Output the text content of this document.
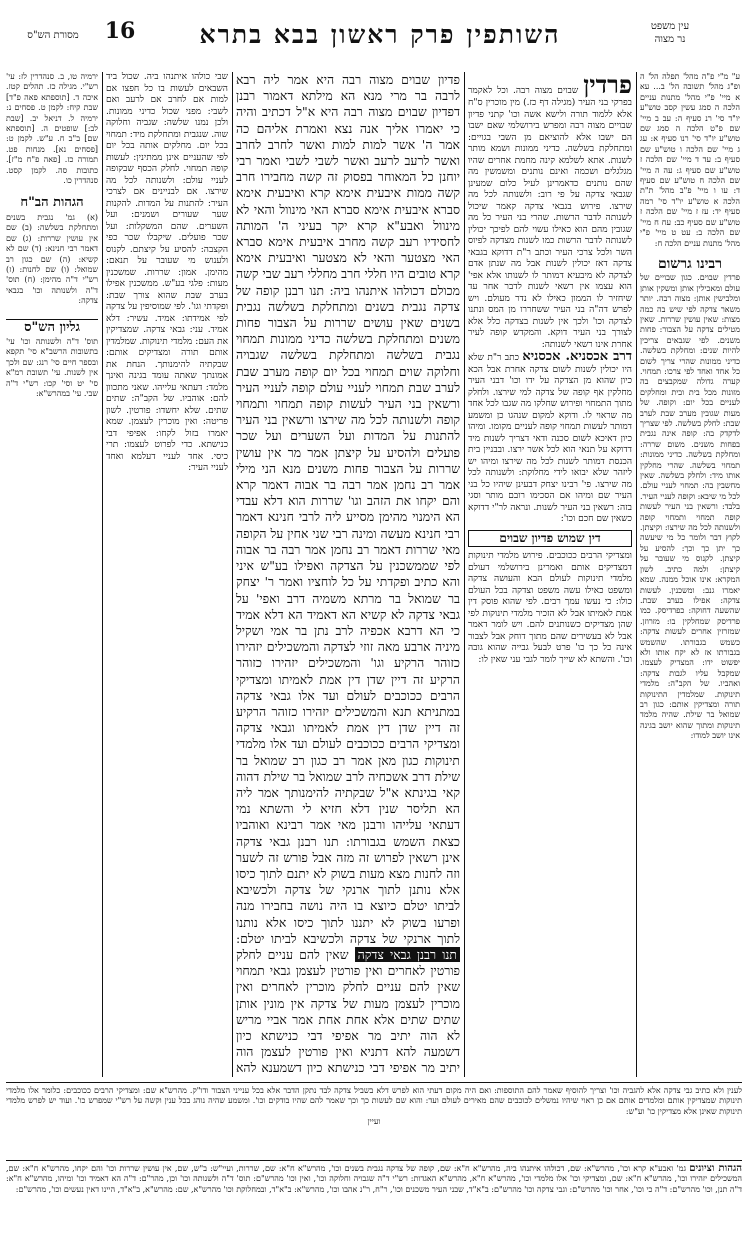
עין משפט
נר מצוה
השותפין פרק ראשון בבא בתרא
16
מסורת הש"ס

ע" מ"י פ"ה מהל' תפלה הל' ה ופ"ג מהל' תשובה הל' ב... עא א מיי' פ"י מהל' מתנות עניים הלכה ה סמג עשין קסב טוש"ע יו"ד סי' רנ סעיף ה: עב ב מיי' שם פ"ט הלכה ה סמג שם טוש"ע יו"ד סי' רנו סעיף א: עג ג מיי' שם הלכה ו טוש"ע שם סעיף ב: עד ד מיי' שם הלכה ז טוש"ע שם סעיף ג: עה ה מיי' שם הלכה ח טוש"ע שם סעיף ד: עו ו מיי' פ"ב מהל' ת"ת הלכה א טוש"ע יו"ד סי' רמה סעיף יד: עז ז מיי' שם הלכה ז טוש"ע שם סעיף כב: עח ח מיי' שם הלכה ב: עט ט מיי' פ"י מהל' מתנות עניים הלכה ח:

רבינו גרשום

פרדין שבוים. כגון שבויים של עולם ומאכילין אותן ומשקין אותן ומלבישין אותן: מצוה רבה. יותר משאר צדקה לפי שיש בה כמה מצות: שאין עושין שררות. שאין מטילים צדקה על הצבור: פחות משנים. לפי שגבאים צריכין להיות שנים: ומחלקת בשלשה. כדיני ממונות שהרי צריך לשום כל אחד ואחד לפי צרכו: תמחוי. קערה גדולה שמקבצים בה מזונות מכל בית ובית ומחלקים לעניים בכל יום: וקופה. של מעות שגובין מערב שבת לערב שבת: לחלק בשלשה. לפי שצריך לדקדק בה: קופה אינה נגבית בפחות משנים. משום שררה: ומחלקת בשלשה. כדיני ממונות: תמחוי בשלשה. שהרי מחלקין אותו מיד: ולחלק בשלשה. שאין מחשבין בה: תמחוי לעניי עולם. לכל מי שיבא: וקופה לעניי העיר. בלבד: ורשאין בני העיר לעשות קופה תמחוי ותמחוי קופה ולשנותה לכל מה שירצו: וקיצתן. לקוץ דבר ולומר כל מי שיעשה כך יתן כך וכך: להסיע על קיצתן. לקנוס מי שעובר על קיצתן: ולמה כתיב. לשון המקרא: אינו אוכל ממנה. שמא יאמרו גנב: ומשכנין. לעשות צדקה: אפילו בערב שבת. שהשעה דחוקה: כפרדיסק. כמו פרדיסק שמחלקין בו: מזרוזן. שמזרזין אחרים לעשות צדקה: כשמש בגבורתו. שהשמש בגבורתו אז לא יקח אותו ולא יפשוט ידו: המצדיק לעצמו. שמקבל עליו לגבות צדקה: ואהביו. של הקב"ה: מלמדי תינוקות. שמלמדין התינוקות תורה ומצדיקין אותם: כגון רב שמואל בר שילת. שהיה מלמד תינוקות ומתוך שהוא יושב בגינה אינו יושב למודו:

פרדין שבוים מצוה רבה. וכל לאקמר בפרקי בני העיר (מגילה דף כז.) מין מוכרין ס"ח אלא ללמוד תורה ולישא אשה וכו' קתני פדיון שבויים מצוה רבה ומפרש בירושלמי שאם ישבו הם ישבו אלא להוציאם מן השבי בגויים: ומתחלקת בשלשה. כדיני ממונות ושמא מותר לשנות. אתא לשלמא קינה מחמת אחרים שהיו מגלגלים ושכמה ואינם נותנים ומשמשין מה שהם נותנים כדאמרינן לעיל כלום שמעינן שגבאי צדקה על פי רוב: ולשנותה לכל מה שירצו. פירוש בגבאי צדקה קאמר שיכול לשנותה לדבר הרשות. שהרי בני העיר כל מה שגובין מהם הוא כאילו עשוי להם לפיכך יכולין לשנותה לדבר הרשות כמו לשנות מצדקה לפיוס השר ולכל צרכי העיר וכתב ר"ת דדוקא בגבאי צדקה דאז יכולין לשנות אבל מה שנתן אדם לצדקה לא מיבעיא דמותר לו לשנותו אלא אפי' הוא עצמו אין רשאי לשנות לדבר אחר עד שיחזיר לו הממון כאילו לא נדר מעולם. ויש לפרש דה"ה בני העיר ששחררו מן המס ונתנו לצדקה וכו' ולכך אין לשנות בצדקה כלל אלא לצורך בני העיר דוקא. והמקדש קופה לעיר אחרת אינו רשאי לשנותה:

דרב אכסניא. אכסניא כתב ר"ת שלא היו יכולין לשנות לשום צדקה אחרת אבל הכא כיון שהוא מן הצדקה על ידו וכו' דבני העיר מחלקין אף קופה של צדקה למי שירצו. ולחלק מתוך התמחוי ופירוש שחלקו מה שגבו לכל אחד מה שראוי לו. ודוקא למקום שנהגו כן ומשמע דמותר לעשות תמחוי קופה לעניים מקומו. ומיהו כיון דאיכא לשום סכנה ודאי דצריך לשנות מיד דדוקא על תנאי הוא לכל אשר ירצו. ובבניין בית הכנסת דמותר לשנות לכל מה שירצו ומיהו יש ליזהר שלא יבואו לידי מחלוקת: ולשנותה לכל מה שירצו. פי' רבינו יצחק דבעינן שיהיו כל בני העיר שם ומיהו אם הסכימו רובם מותר וסגי בזה: רשאין בני העיר לשנות. ונראה לר"י דדוקא כשאין שם חכם וכו':

דין שמוש פדיון שבוים

ומצדיקי הרבים ככוכבים. פירוש מלמדי תינוקות דמצדיקים אותם ואמרינן בירושלמי דעולם מלמדי תינוקות לעולם הבא והעושה צדקה ומשפט כאילו עשה משפט וצדקה בכל העולם כולו: כי נעשו עמך רבים. לפי שהוא פוסק דין אמת לאמיתו אבל לא הזכיר מלמדי תינוקות לפי שהן מצדיקים כשנותנים להם. ויש לומר דאמר אבל לא בעשירים שהם מתוך דוחק אבל לצבור אינה כל כך כו' פרט לבעל גבייה שהוא גובה וכו'. והשתא לא שייך לומר לגבי עני שאין לו:

פדיון שבוים מצוה רבה היא אמר ליה רבא לרבה בר מרי מנא הא מילתא דאמור רבנן דפדיון שבוים מצוה רבה היא א"ל דכתיב והיה כי יאמרו אליך אנה נצא ואמרת אליהם כה אמר ה' אשר למות למות ואשר לחרב לחרב ואשר לרעב לרעב ואשר לשבי לשבי ואמר רבי יוחנן כל המאוחר בפסוק זה קשה מחבירו חרב קשה ממות איבעית אימא קרא ואיבעית אימא סברא איבעית אימא סברא האי מינוול והאי לא מינוול ואבע"א קרא יקר בעיני ה' המותה לחסידיו רעב קשה מחרב איבעית אימא סברא האי מצטער והאי לא מצטער ואיבעית אימא קרא טובים היו חללי חרב מחללי רעב שבי קשה מכולם דכולהו איתנהו ביה: תנו רבנן קופה של צדקה נגבית בשנים ומתחלקת בשלשה נגבית בשנים שאין עושים שררות על הצבור פחות משנים ומתחלקת בשלשה כדיני ממונות תמחוי נגבית בשלשה ומתחלקת בשלשה שגבויה וחלוקה שוים תמחוי בכל יום קופה מערב שבת לערב שבת תמחוי לעניי עולם קופה לעניי העיר ורשאין בני העיר לעשות קופה תמחוי ותמחוי קופה ולשנותה לכל מה שירצו ורשאין בני העיר להתנות על המדות ועל השערים ועל שכר פועלים ולהסיע על קיצתן אמר מר אין עושין שררות על הצבור פחות משנים מנא הני מילי אמר רב נחמן אמר רבה בר אבוה דאמר קרא והם יקחו את הזהב וגו' שררות הוא דלא עבדי הא הימנוי מהימן מסייע ליה לרבי חנינא דאמר רבי חנינא מעשה ומינה רבי שני אחין על הקופה מאי שררות דאמר רב נחמן אמר רבה בר אבוה לפי שממשכנין על הצדקה ואפילו בע"ש איני והא כתיב ופקדתי על כל לוחציו ואמר ר' יצחק בר שמואל בר מרתא משמיה דרב ואפי' על גבאי צדקה לא קשיא הא דאמיד הא דלא אמיד כי הא דרבא אכפיה לרב נתן בר אמי ושקיל מיניה ארבע מאה זוזי לצדקה והמשכילים יזהירו כזוהר הרקיע וגו' והמשכילים יזהירו כזוהר הרקיע זה דיין שדן דין אמת לאמיתו ומצדיקי הרבים ככוכבים לעולם ועד אלו גבאי צדקה במתניתא תנא והמשכילים יזהירו כזוהר הרקיע זה דיין שדן דין אמת לאמיתו וגבאי צדקה ומצדיקי הרבים ככוכבים לעולם ועד אלו מלמדי תינוקות כגון מאן אמר רב כגון רב שמואל בר שילת דרב אשכחיה לרב שמואל בר שילת דהוה קאי בגינתא א"ל שבקתיה להימנותך אמר ליה הא תליסר שנין דלא חזיא לי והשתא נמי דעתאי עלייהו ורבנן מאי אמר רבינא ואוהביו כצאת השמש בגבורתו: תנו רבנן גבאי צדקה אינן רשאין לפרוש זה מזה אבל פורש זה לשער וזה לחנות מצא מעות בשוק לא יתנם לתוך כיסו אלא נותנן לתוך ארנקי של צדקה ולכשיבא לביתו יטלם כיוצא בו היה נושה בחבירו מנה ופרעו בשוק לא יתננו לתוך כיסו אלא נותנו לתוך ארנקי של צדקה ולכשיבא לביתו יטלם: תנו רבנן גבאי צדקה שאין להם עניים לחלק פורטין לאחרים ואין פורטין לעצמן גבאי תמחוי שאין להם עניים לחלק מוכרין לאחרים ואין מוכרין לעצמן מעות של צדקה אין מונין אותן שתים שתים אלא אחת אחת אמר אביי מריש לא הוה יתיב מר אפיפי דבי כנישתא כיון דשמעה להא דתניא ואין פורטין לעצמן הוה יתיב מר אפיפי דבי כנישתא כיון דשמענא להא

שבי כולהו איתנהו ביה. שכול ביד השבאים לעשות בו כל חפצו אם למות אם לחרב אם לרעב ואם לשבי: מפני שכול כדיני ממונות. ולכן נמנו שלשה: שגביה וחלוקה שוה. שנגבית ומתחלקת מיד: תמחוי בכל יום. מחלקים אותה בכל יום לפי שהעניים אינן ממתינין: לעשות קופה תמחוי. לחלק הכסף שבקופה לעניי עולם: ולשנותה לכל מה שירצו. אם לבניינים אם לצרכי העיר: להתנות על המדות. להקנות שער שעורים ושמנים: ועל השערים. שהם המשקלות: ועל שכר פועלים. שיקבלו שכר כפי הקצבה: להסיע על קיצתם. לקנוס ולענוש מי שעובר על תנאם: מהימן. אמון: שררות. שמשכנין מעות: פלגי בע"ש. ממשכנין אפילו בערב שבת שהוא צורך שבת: ופקדתי וגו'. לפי שמוסיפין על צדקה לפי אמידתו: אמיד. עשיר: דלא אמיד. עני: גבאי צדקה. שמצדיקין את העם: מלמדי תינוקות. שמלמדין אותם תורה ומצדיקים אותם: שבקתיה להימנותך. הנחת את אמונתך שאתה עומד בגינה ואינך מלמד: דעתאי עלייהו. שאני מתכוון להם: אוהביו. של הקב"ה: שתים שתים. שלא יחשדו: פורטין. לשון פריטה: ואין מוכרין לעצמן. שמא יאמרו בזול לקחו: אפיפי דבי כנישתא. כדי לפרוט לעצמו: תרי כיסי. אחד לעניי דעלמא ואחד לעניי העיר:

ירמיה טו, ב. סנהדרין לז: עי' רש"י. מגילה כז. תהלים קטז. איכה ד. [תוספתא פאה פ"ד] שבת קיח: לקמן ט. פסחים נ: ירמיה ל. דניאל יב. [שבת לב:] שופטים ה. [תוספתא שם] ב"ב ח. ע"ש. לקמן ט: [פסחים נא]. מנחות פט. תמורה כז. [פאה פ"ח מ"ז]. כתובות סה. לקמן קסט. סנהדרין כו.

הגהות הב"ח

(א) גמ' נגבית בשנים ומתחלקת בשלשה: (ב) שם אין עושין שררות: (ג) שם דאמר רבי חנינא: (ד) שם לא קשיא: (ה) שם כגון רב שמואל: (ו) שם לחנות: (ז) רש"י ד"ה מהימן: (ח) תוס' ד"ה ולשנותה וכו' בגבאי צדקה:

גליון הש"ס

תוס' ד"ה ולשנותה וכו' עי' בתשובות הרשב"א סי' תקפא ובספר חיים סי' רנג: שם ולכך אין לשנות. עי' תשובת רמ"א סי' יט וסי' קכו: רש"י ד"ה שבי. עי' במהרש"א:

לענין ולא כתיב גבי צדקה אלא להגביה וכו' וצריך להוסיף שאמר להם התוספות: ואם היה מקום דעתי הוא לפרש דלא בשביל צדקה לבד נתקן הדבר אלא בכל ענייני הצבור ודו"ק. מהרש"א שם: ומצדיקי הרבים ככוכבים: כלומר אלו מלמדי תינוקות שמצדיקין אותם ומלמדים אותם אם כן ראוי שיהיו נמשלים לכוכבים שהם מאירים לעולם ועד: והוא שם לעשות כך וכך שאמר להם שהיו בודקים וכו'. ומשמע שהיה נוהג בכל ענין וקשה על רש"י שמפרש כו'. ועוד יש לפרש מלמדי תינוקות שאינן אלא מצדיקין כו' וע"ש:

ועיין

הגהות וציונים גמ' ואבע"א קרא וכו', מהרש"א: שם, דכולהו איתנהו ביה, מהרש"א ח"א: שם, קופה של צדקה נגבית בשנים וכו', מהרש"א ח"א: שם, שררות, ועיי"ש: ב"ש, שם, אין עושין שררות וכו' והם יקחו, מהרש"א ח"א: שם, המשכילים יזהירו וכו', מהרש"א ח"א: שם, ומצדיקי וכו' אלו מלמדי וכו', מהרש"א ח"א, מהרש"א האגדות: רש"י ד"ה שגבויה וחלוקה וכו', ואין וכו' מהרש"ם: תוס' ד"ה ולשנותה וכו' וכן, מהר"ם: ד"ה הא דאמיד וכו' ומיהו, מהרש"א ח"א: ד"ה תנן, וכו' מהרש"ם: ד"ה כי וכו', אחר וכו' מהרש"ם: וגבי צדקה וכו' מהרש"ם: ב"א"ד, שבני העיר משכנים וכו', ר"ח, ר"נ אהבו וכו', מהרש"א: ב"א"ד, ובמחלוקת וכו' מהרש"א, שם: מהרש"א, ב"א"ד, היינו דאין נעשים וכו', מהרש"ם:
